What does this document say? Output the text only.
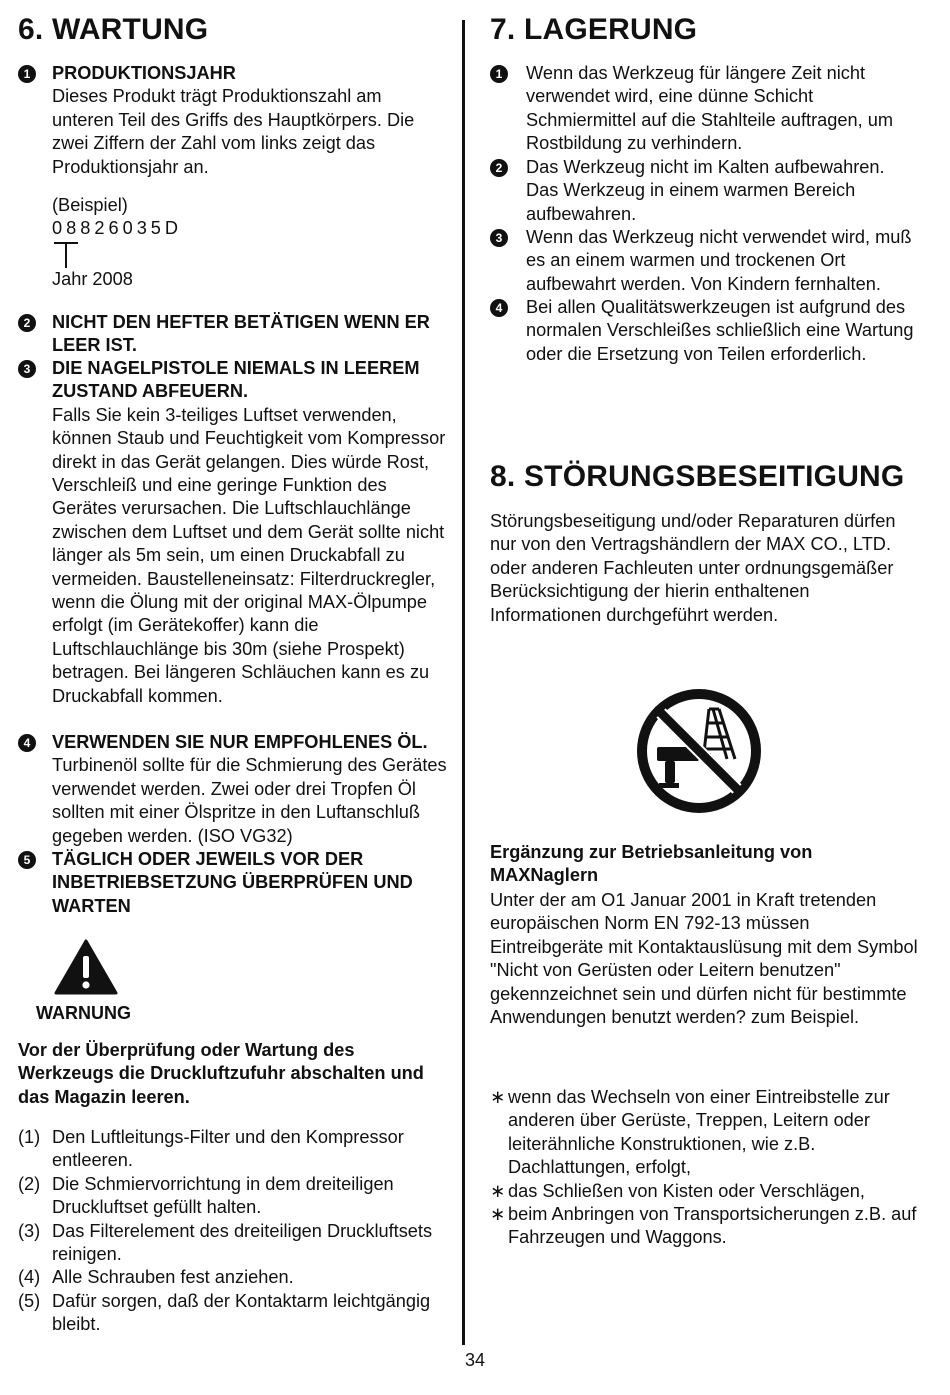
6. WARTUNG
1	PRODUKTIONSJAHR
Dieses Produkt trägt Produktionszahl am unteren Teil des Griffs des Hauptkörpers. Die zwei Ziffern der Zahl vom links zeigt das Produktionsjahr an.
(Beispiel)
08826035D
Jahr 2008
2	NICHT DEN HEFTER BETÄTIGEN WENN ER LEER IST.
3	DIE NAGELPISTOLE NIEMALS IN LEEREM ZUSTAND ABFEUERN.
Falls Sie kein 3-teiliges Luftset verwenden, können Staub und Feuchtigkeit vom Kompressor direkt in das Gerät gelangen. Dies würde Rost, Verschleiß und eine geringe Funktion des Gerätes verursachen. Die Luftschlauchlänge zwischen dem Luftset und dem Gerät sollte nicht länger als 5m sein, um einen Druckabfall zu vermeiden. Baustelleneinsatz: Filterdruckregler, wenn die Ölung mit der original MAX-Ölpumpe erfolgt (im Gerätekoffer) kann die Luftschlauchlänge bis 30m (siehe Prospekt) betragen. Bei längeren Schläuchen kann es zu Druckabfall kommen.
4	VERWENDEN SIE NUR EMPFOHLENES ÖL.
Turbinenöl sollte für die Schmierung des Gerätes verwendet werden. Zwei oder drei Tropfen Öl sollten mit einer Ölspritze in den Luftanschluß gegeben werden. (ISO VG32)
5	TÄGLICH ODER JEWEILS VOR DER INBETRIEBSETZUNG ÜBERPRÜFEN UND WARTEN
WARNUNG
Vor der Überprüfung oder Wartung des Werkzeugs die Druckluftzufuhr abschalten und das Magazin leeren.
(1) Den Luftleitungs-Filter und den Kompressor entleeren.
(2) Die Schmiervorrichtung in dem dreiteiligen Druckluftset gefüllt halten.
(3) Das Filterelement des dreiteiligen Druckluftsets reinigen.
(4) Alle Schrauben fest anziehen.
(5) Dafür sorgen, daß der Kontaktarm leichtgängig bleibt.
7. LAGERUNG
1	Wenn das Werkzeug für längere Zeit nicht verwendet wird, eine dünne Schicht Schmiermittel auf die Stahlteile auftragen, um Rostbildung zu verhindern.
2	Das Werkzeug nicht im Kalten aufbewahren. Das Werkzeug in einem warmen Bereich aufbewahren.
3	Wenn das Werkzeug nicht verwendet wird, muß es an einem warmen und trockenen Ort aufbewahrt werden. Von Kindern fernhalten.
4	Bei allen Qualitätswerkzeugen ist aufgrund des normalen Verschleißes schließlich eine Wartung oder die Ersetzung von Teilen erforderlich.
8. STÖRUNGSBESEITIGUNG
Störungsbeseitigung und/oder Reparaturen dürfen nur von den Vertragshändlern der MAX CO., LTD. oder anderen Fachleuten unter ordnungsgemäßer Berücksichtigung der hierin enthaltenen Informationen durchgeführt werden.
Ergänzung zur Betriebsanleitung von MAXNaglern
Unter der am O1 Januar 2001 in Kraft tretenden europäischen Norm EN 792-13 müssen Eintreibgeräte mit Kontaktauslüsung mit dem Symbol "Nicht von Gerüsten oder Leitern benutzen" gekennzeichnet sein und dürfen nicht für bestimmte Anwendungen benutzt werden? zum Beispiel.
∗ wenn das Wechseln von einer Eintreibstelle zur anderen über Gerüste, Treppen, Leitern oder leiterähnliche Konstruktionen, wie z.B. Dachlattungen, erfolgt,
∗ das Schließen von Kisten oder Verschlägen,
∗ beim Anbringen von Transportsicherungen z.B. auf Fahrzeugen und Waggons.
34
